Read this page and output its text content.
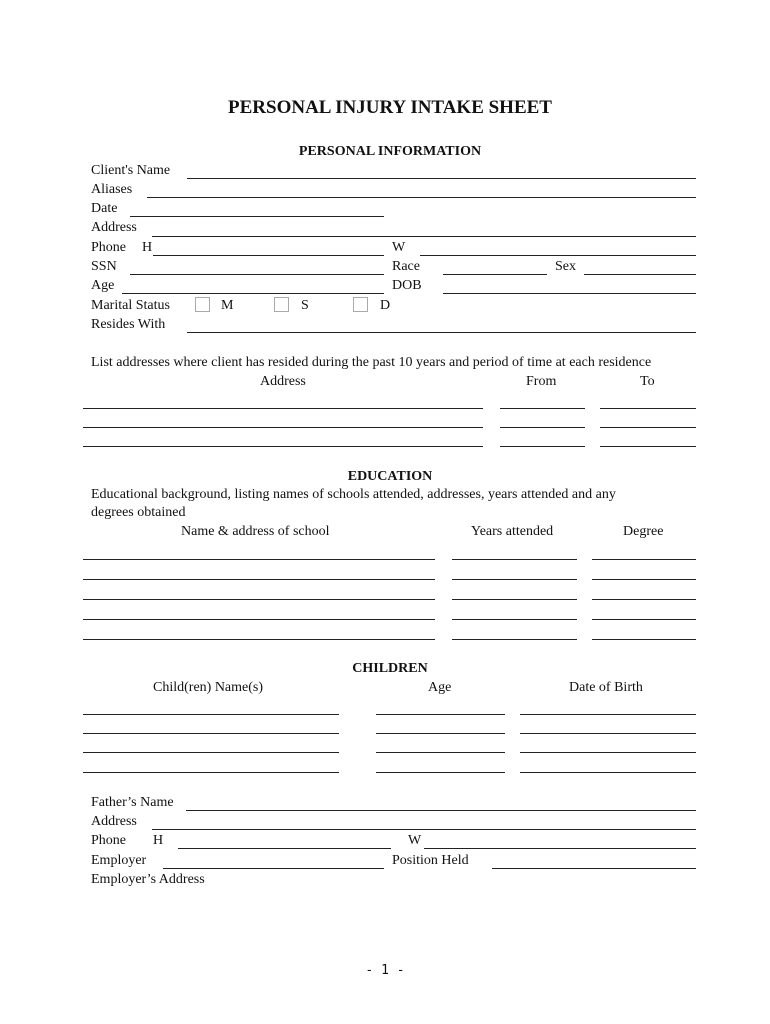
PERSONAL INJURY INTAKE SHEET
PERSONAL INFORMATION
Client's Name
Aliases
Date
Address
Phone H	W
SSN	Race	Sex
Age	DOB
Marital Status	M	S	D
Resides With
List addresses where client has resided during the past 10 years and period of time at each residence
Address	From	To
EDUCATION
Educational background, listing names of schools attended, addresses, years attended and any
degrees obtained
Name & address of school	Years attended	Degree
CHILDREN
Child(ren) Name(s)	Age	Date of Birth
Father’s Name
Address
Phone H	W
Employer	Position Held
Employer’s Address
- 1 -
